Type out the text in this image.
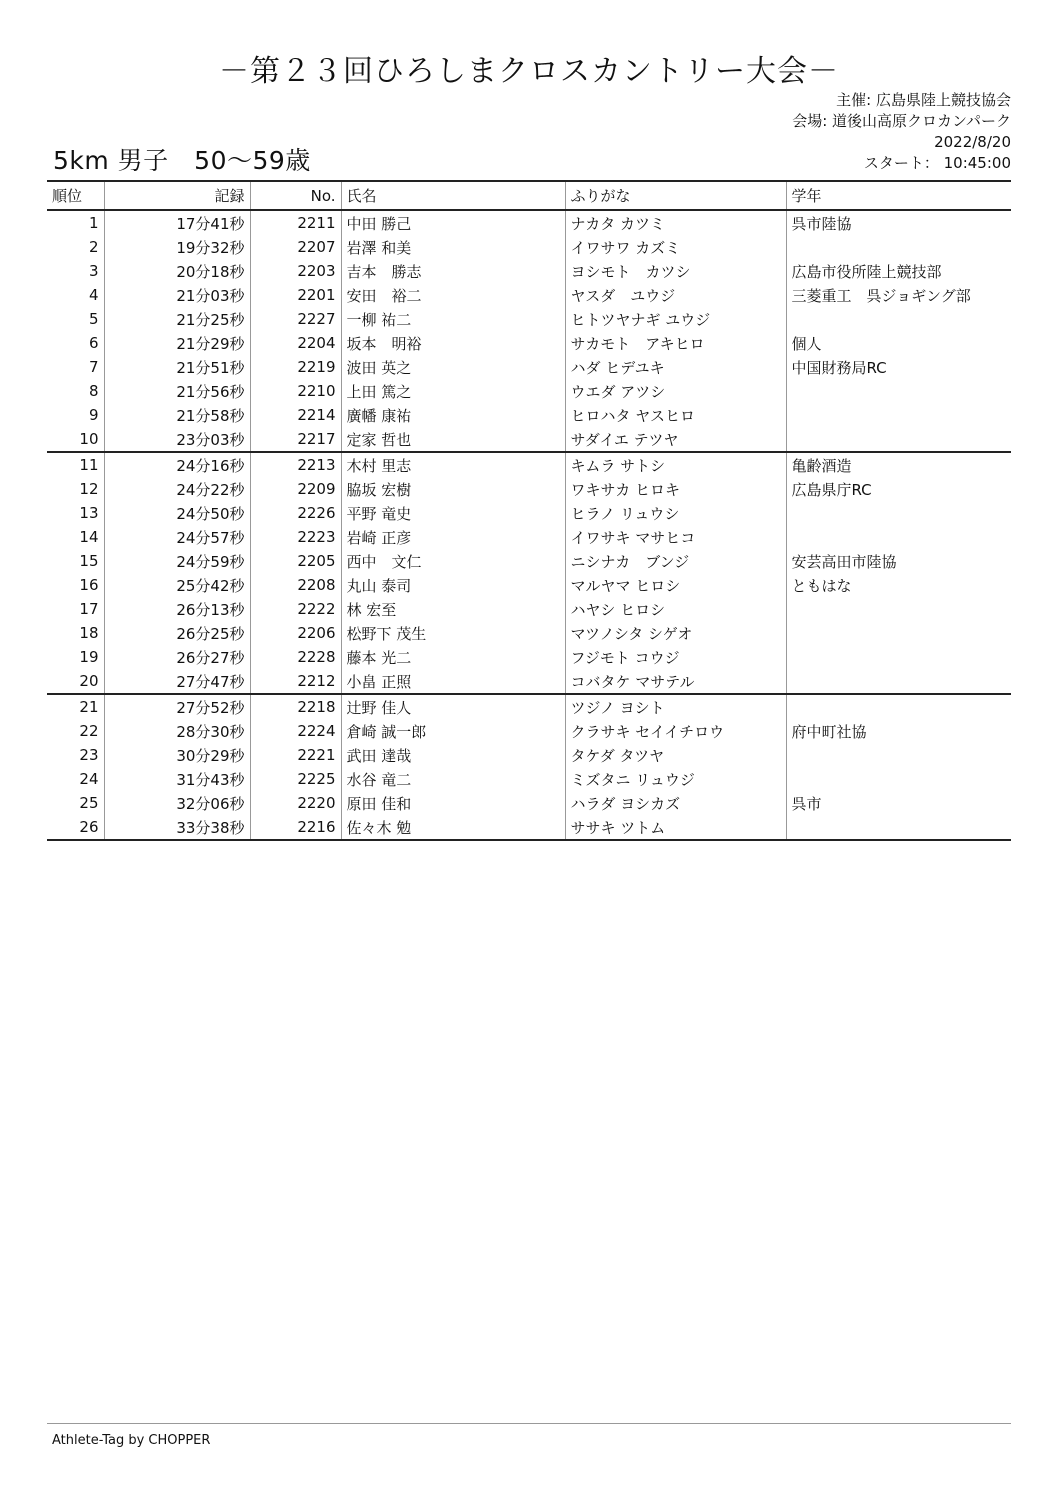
－第２３回ひろしまクロスカントリー大会－
主催: 広島県陸上競技協会
会場: 道後山高原クロカンパーク
2022/8/20
スタート： 10:45:00
5km 男子　50～59歳
順位	記録	No.	氏名	ふりがな	学年
1	17分41秒	2211	中田 勝己	ナカタ カツミ	呉市陸協
2	19分32秒	2207	岩澤 和美	イワサワ カズミ	
3	20分18秒	2203	吉本　勝志	ヨシモト　カツシ	広島市役所陸上競技部
4	21分03秒	2201	安田　裕二	ヤスダ　ユウジ	三菱重工　呉ジョギング部
5	21分25秒	2227	一柳 祐二	ヒトツヤナギ ユウジ	
6	21分29秒	2204	坂本　明裕	サカモト　アキヒロ	個人
7	21分51秒	2219	波田 英之	ハダ ヒデユキ	中国財務局RC
8	21分56秒	2210	上田 篤之	ウエダ アツシ	
9	21分58秒	2214	廣幡 康祐	ヒロハタ ヤスヒロ	
10	23分03秒	2217	定家 哲也	サダイエ テツヤ	
11	24分16秒	2213	木村 里志	キムラ サトシ	亀齢酒造
12	24分22秒	2209	脇坂 宏樹	ワキサカ ヒロキ	広島県庁RC
13	24分50秒	2226	平野 竜史	ヒラノ リュウシ	
14	24分57秒	2223	岩崎 正彦	イワサキ マサヒコ	
15	24分59秒	2205	西中　文仁	ニシナカ　ブンジ	安芸高田市陸協
16	25分42秒	2208	丸山 泰司	マルヤマ ヒロシ	ともはな
17	26分13秒	2222	林 宏至	ハヤシ ヒロシ	
18	26分25秒	2206	松野下 茂生	マツノシタ シゲオ	
19	26分27秒	2228	藤本 光二	フジモト コウジ	
20	27分47秒	2212	小畠 正照	コバタケ マサテル	
21	27分52秒	2218	辻野 佳人	ツジノ ヨシト	
22	28分30秒	2224	倉崎 誠一郎	クラサキ セイイチロウ	府中町社協
23	30分29秒	2221	武田 達哉	タケダ タツヤ	
24	31分43秒	2225	水谷 竜二	ミズタニ リュウジ	
25	32分06秒	2220	原田 佳和	ハラダ ヨシカズ	呉市
26	33分38秒	2216	佐々木 勉	ササキ ツトム	
Athlete-Tag by CHOPPER
